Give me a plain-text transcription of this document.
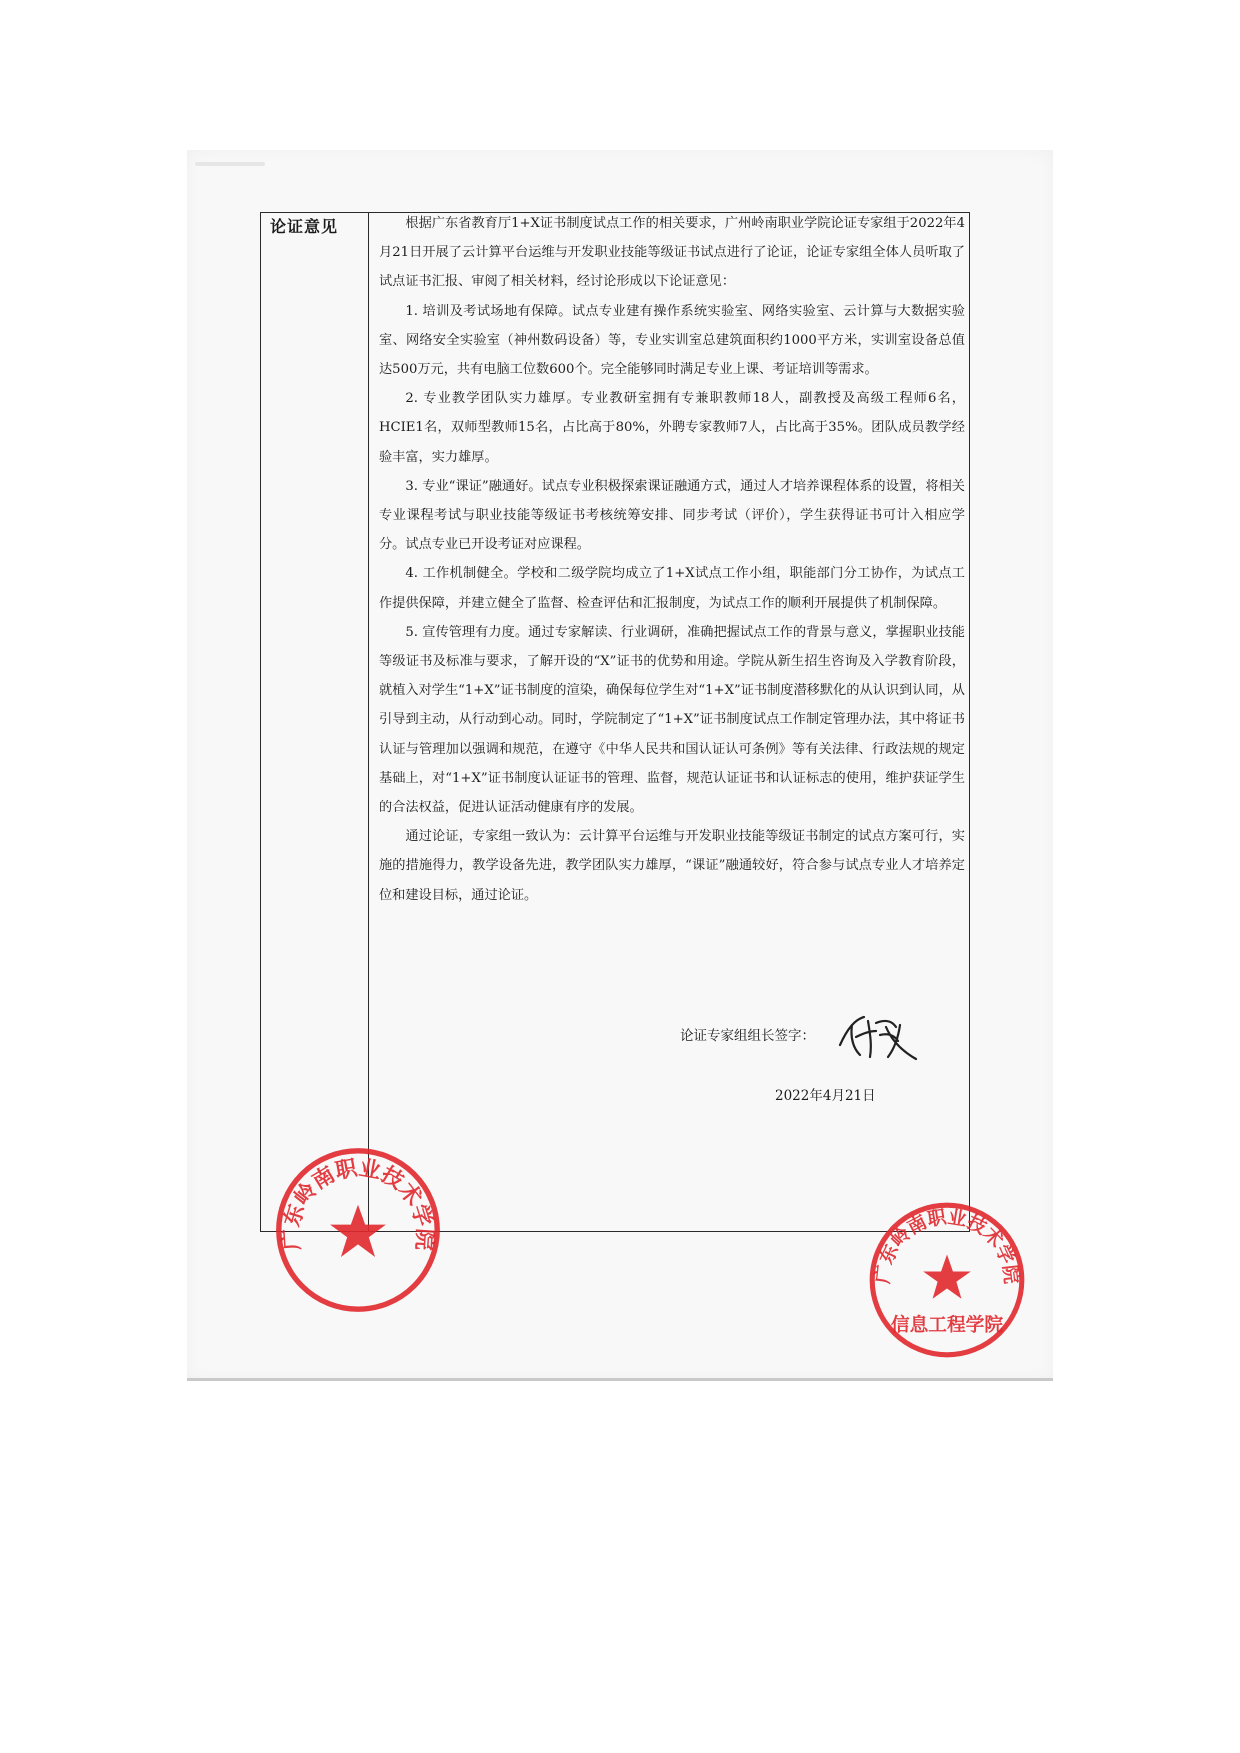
论证意见	根据广东省教育厅1+X证书制度试点工作的相关要求，广州岭南职业学院论证专家组于2022年4月21日开展了云计算平台运维与开发职业技能等级证书试点进行了论证，论证专家组全体人员听取了试点证书汇报、审阅了相关材料，经讨论形成以下论证意见：

1. 培训及考试场地有保障。试点专业建有操作系统实验室、网络实验室、云计算与大数据实验室、网络安全实验室（神州数码设备）等，专业实训室总建筑面积约1000平方米，实训室设备总值达500万元，共有电脑工位数600个。完全能够同时满足专业上课、考证培训等需求。

2. 专业教学团队实力雄厚。专业教研室拥有专兼职教师18人，副教授及高级工程师6名，HCIE1名，双师型教师15名，占比高于80%，外聘专家教师7人，占比高于35%。团队成员教学经验丰富，实力雄厚。

3. 专业“课证”融通好。试点专业积极探索课证融通方式，通过人才培养课程体系的设置，将相关专业课程考试与职业技能等级证书考核统筹安排、同步考试（评价），学生获得证书可计入相应学分。试点专业已开设考证对应课程。

4. 工作机制健全。学校和二级学院均成立了1+X试点工作小组，职能部门分工协作，为试点工作提供保障，并建立健全了监督、检查评估和汇报制度，为试点工作的顺利开展提供了机制保障。

5. 宣传管理有力度。通过专家解读、行业调研，准确把握试点工作的背景与意义，掌握职业技能等级证书及标准与要求，了解开设的“X”证书的优势和用途。学院从新生招生咨询及入学教育阶段，就植入对学生“1+X”证书制度的渲染，确保每位学生对“1+X”证书制度潜移默化的从认识到认同，从引导到主动，从行动到心动。同时，学院制定了“1+X”证书制度试点工作制定管理办法，其中将证书认证与管理加以强调和规范，在遵守《中华人民共和国认证认可条例》等有关法律、行政法规的规定基础上，对“1+X”证书制度认证证书的管理、监督，规范认证证书和认证标志的使用，维护获证学生的合法权益，促进认证活动健康有序的发展。

通过论证，专家组一致认为：云计算平台运维与开发职业技能等级证书制定的试点方案可行，实施的措施得力，教学设备先进，教学团队实力雄厚，“课证”融通较好，符合参与试点专业人才培养定位和建设目标，通过论证。

论证专家组组长签字：
2022年4月21日
广东岭南职业技术学院
广东岭南职业技术学院
信息工程学院
